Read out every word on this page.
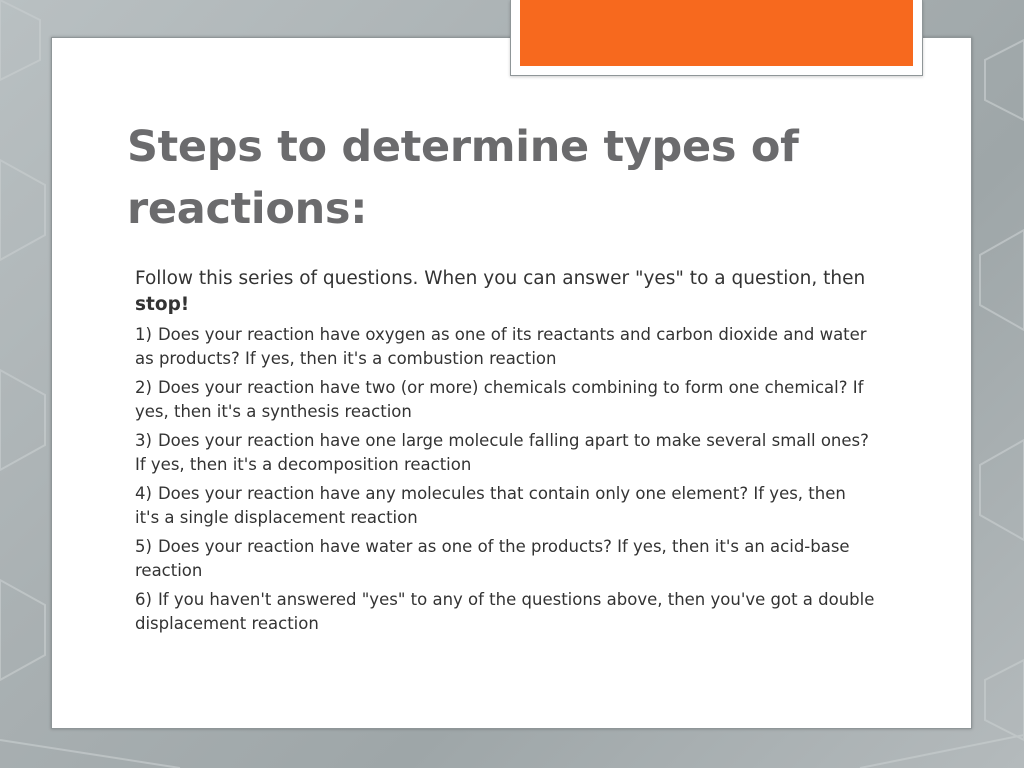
Steps to determine types of reactions:

Follow this series of questions. When you can answer "yes" to a question, then stop!

1) Does your reaction have oxygen as one of its reactants and carbon dioxide and water as products? If yes, then it's a combustion reaction

2) Does your reaction have two (or more) chemicals combining to form one chemical? If yes, then it's a synthesis reaction

3) Does your reaction have one large molecule falling apart to make several small ones? If yes, then it's a decomposition reaction

4) Does your reaction have any molecules that contain only one element? If yes, then it's a single displacement reaction

5) Does your reaction have water as one of the products? If yes, then it's an acid-base reaction

6) If you haven't answered "yes" to any of the questions above, then you've got a double displacement reaction
